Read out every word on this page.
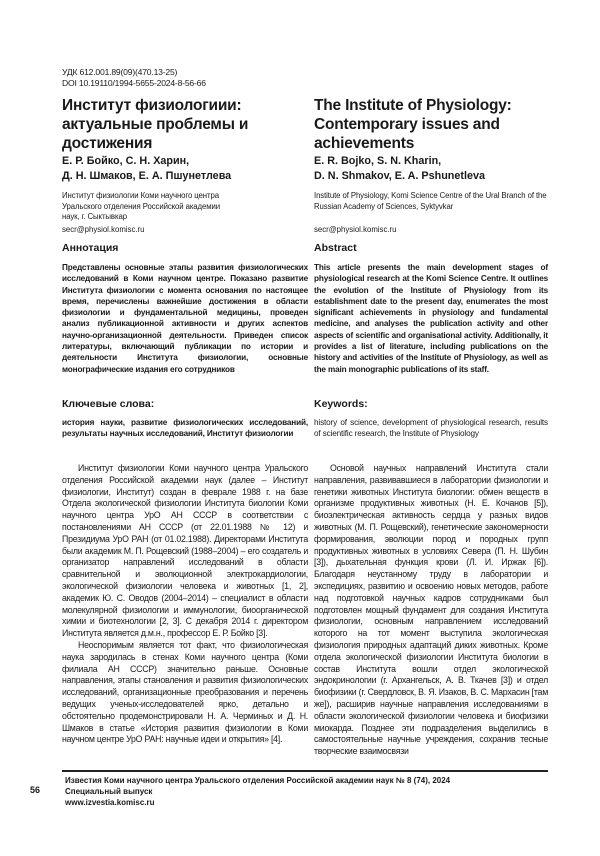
УДК 612.001.89(09)(470.13-25)
DOI 10.19110/1994-5655-2024-8-56-66
Институт физиологиии: актуальные проблемы и достижения
The Institute of Physiology: Contemporary issues and achievements
Е. Р. Бойко, С. Н. Харин,
Д. Н. Шмаков, Е. А. Пшунетлева
E. R. Bojko, S. N. Kharin,
D. N. Shmakov, E. A. Pshunetleva
Институт физиологии Коми научного центра Уральского отделения Российской академии наук, г. Сыктывкар
Institute of Physiology, Komi Science Centre of the Ural Branch of the Russian Academy of Sciences, Syktyvkar
secr@physiol.komisc.ru	secr@physiol.komisc.ru
Аннотация	Abstract
Представлены основные этапы развития физиологических исследований в Коми научном центре. Показано развитие Института физиологии с момента основания по настоящее время, перечислены важнейшие достижения в области физиологии и фундаментальной медицины, проведен анализ публикационной активности и других аспектов научно-организационной деятельности. Приведен список литературы, включающий публикации по истории и деятельности Института физиологии, основные монографические издания его сотрудников
This article presents the main development stages of physiological research at the Komi Science Centre. It outlines the evolution of the Institute of Physiology from its establishment date to the present day, enumerates the most significant achievements in physiology and fundamental medicine, and analyses the publication activity and other aspects of scientific and organisational activity. Additionally, it provides a list of literature, including publications on the history and activities of the Institute of Physiology, as well as the main monographic publications of its staff.
Ключевые слова:	Keywords:
история науки, развитие физиологических исследований, результаты научных исследований, Институт физиологии
history of science, development of physiological research, results of scientific research, the Institute of Physiology

Институт физиологии Коми научного центра Уральского отделения Российской академии наук (далее – Институт физиологии, Институт) создан в феврале 1988 г. на базе Отдела экологической физиологии Института биологии Коми научного центра УрО АН СССР в соответствии с постановлениями АН СССР (от 22.01.1988 № 12) и Президиума УрО РАН (от 01.02.1988). Директорами Института были академик М. П. Рощевский (1988–2004) – его создатель и организатор направлений исследований в области сравнительной и эволюционной электрокардиологии, экологической физиологии человека и животных [1, 2], академик Ю. С. Оводов (2004–2014) – специалист в области молекулярной физиологии и иммунологии, биоорганической химии и биотехнологии [2, 3]. С декабря 2014 г. директором Института является д.м.н., профессор Е. Р. Бойко [3].

Неоспоримым является тот факт, что физиологическая наука зародилась в стенах Коми научного центра (Коми филиала АН СССР) значительно раньше. Основные направления, этапы становления и развития физиологических исследований, организационные преобразования и перечень ведущих ученых-исследователей ярко, детально и обстоятельно продемонстрировали Н. А. Черминых и Д. Н. Шмаков в статье «История развития физиологии в Коми научном центре УрО РАН: научные идеи и открытия» [4].

Основой научных направлений Института стали направления, развивавшиеся в лаборатории физиологии и генетики животных Института биологии: обмен веществ в организме продуктивных животных (Н. Е. Кочанов [5]), биоэлектрическая активность сердца у разных видов животных (М. П. Рощевский), генетические закономерности формирования, эволюции пород и породных групп продуктивных животных в условиях Севера (П. Н. Шубин [3]), дыхательная функция крови (Л. И. Иржак [6]). Благодаря неустанному труду в лаборатории и экспедициях, развитию и освоению новых методов, работе над подготовкой научных кадров сотрудниками был подготовлен мощный фундамент для создания Института физиологии, основным направлением исследований которого на тот момент выступила экологическая физиология природных адаптаций диких животных. Кроме отдела экологической физиологии Института биологии в состав Института вошли отдел экологической эндокринологии (г. Архангельск, А. В. Ткачев [3]) и отдел биофизики (г. Свердловск, В. Я. Изаков, В. С. Мархасин [там же]), расширив научные направления исследованиями в области экологической физиологии человека и биофизики миокарда. Позднее эти подразделения выделились в самостоятельные научные учреждения, сохранив тесные творческие взаимосвязи

56
Известия Коми научного центра Уральского отделения Российской академии наук № 8 (74), 2024
Специальный выпуск
www.izvestia.komisc.ru
